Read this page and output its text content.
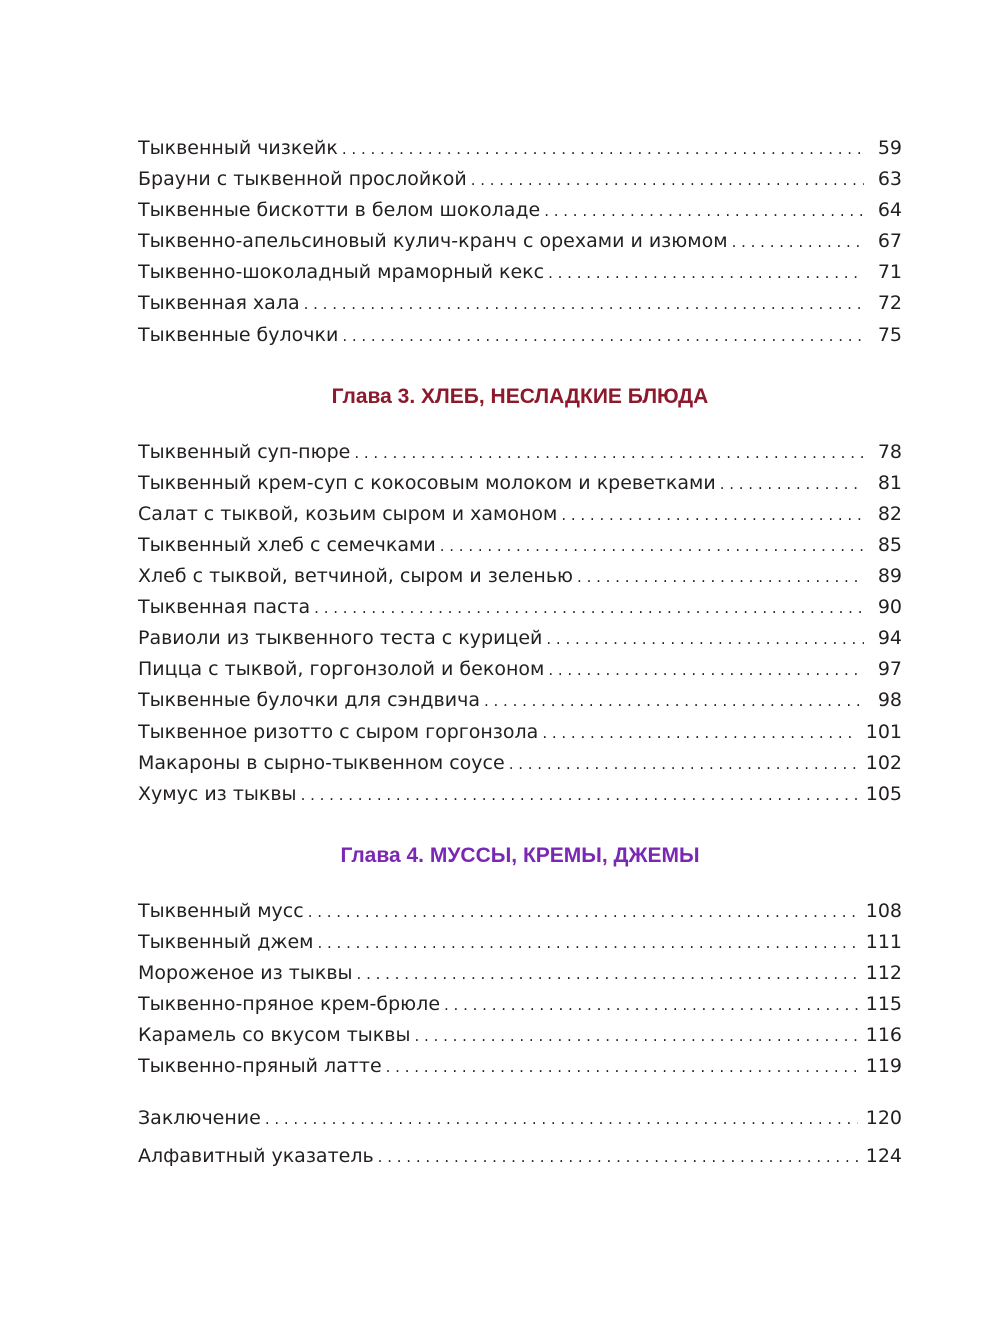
Тыквенный чизкейк . . .	59
Брауни с тыквенной прослойкой . . .	63
Тыквенные бискотти в белом шоколаде . . .	64
Тыквенно-апельсиновый кулич-кранч с орехами и изюмом . . .	67
Тыквенно-шоколадный мраморный кекс . . .	71
Тыквенная хала . . .	72
Тыквенные булочки . . .	75
Глава 3. ХЛЕБ, НЕСЛАДКИЕ БЛЮДА
Тыквенный суп-пюре . . .	78
Тыквенный крем-суп с кокосовым молоком и креветками . . .	81
Салат с тыквой, козьим сыром и хамоном . . .	82
Тыквенный хлеб с семечками . . .	85
Хлеб с тыквой, ветчиной, сыром и зеленью . . .	89
Тыквенная паста . . .	90
Равиоли из тыквенного теста с курицей . . .	94
Пицца с тыквой, горгонзолой и беконом . . .	97
Тыквенные булочки для сэндвича . . .	98
Тыквенное ризотто с сыром горгонзола . . .	101
Макароны в сырно-тыквенном соусе . . .	102
Хумус из тыквы . . .	105
Глава 4. МУССЫ, КРЕМЫ, ДЖЕМЫ
Тыквенный мусс . . .	108
Тыквенный джем . . .	111
Мороженое из тыквы . . .	112
Тыквенно-пряное крем-брюле . . .	115
Карамель со вкусом тыквы . . .	116
Тыквенно-пряный латте . . .	119
Заключение . . .	120
Алфавитный указатель . . .	124
